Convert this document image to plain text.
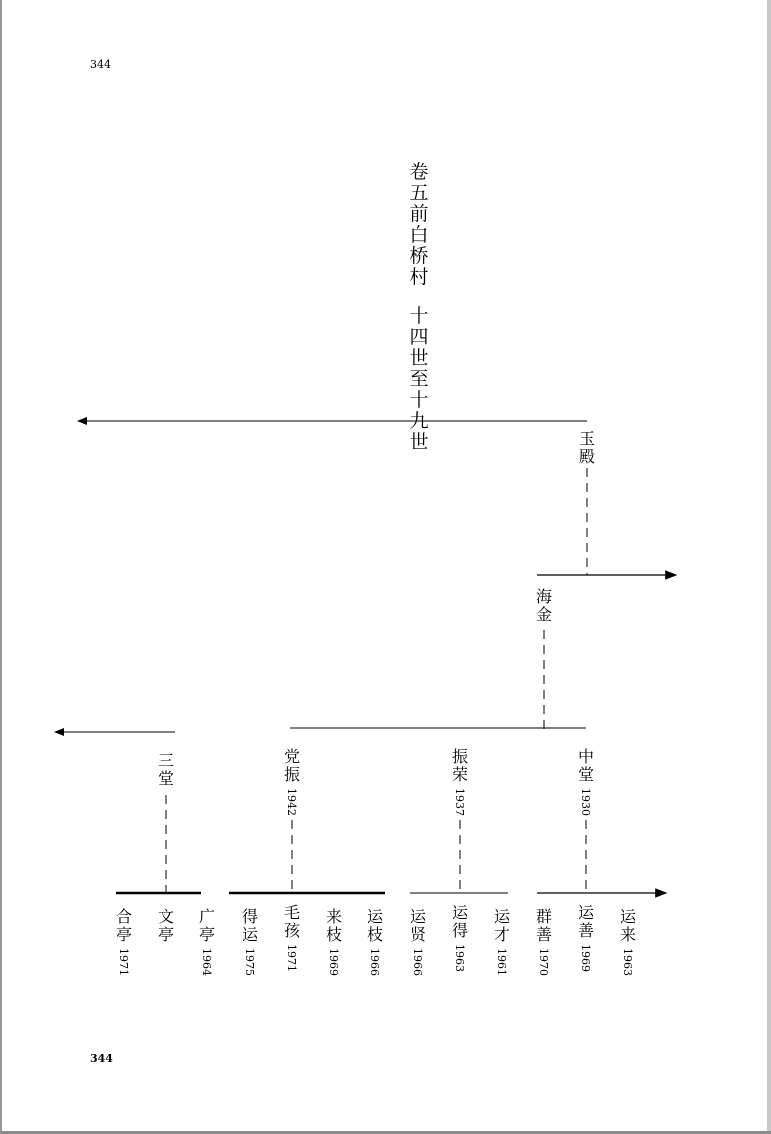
344
344
卷五前白桥村
十四世至十九世	玉殿
海金
三堂
党振
1942
振荣
1937
中堂
1930
合亭
1971
文亭
广亭
1964
得运
1975
毛孩
1971
来枝
1969
运枝
1966
运贤
1966
运得
1963
运才
1961
群善
1970
运善
1969
运来
1963
